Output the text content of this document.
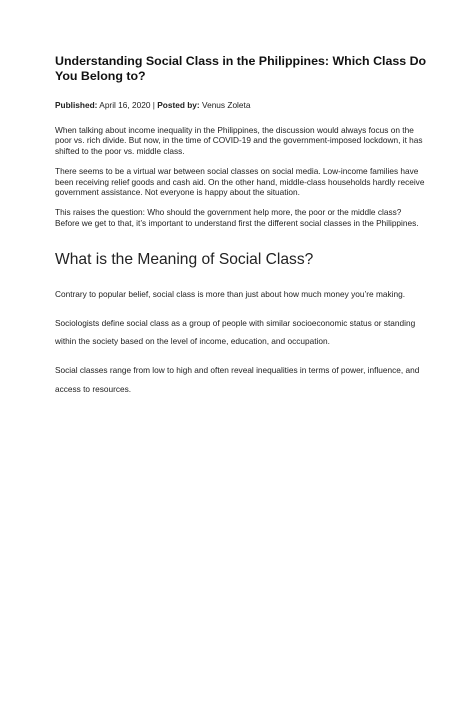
Understanding Social Class in the Philippines: Which Class Do You Belong to?
Published: April 16, 2020 | Posted by: Venus Zoleta

When talking about income inequality in the Philippines, the discussion would always focus on the poor vs. rich divide. But now, in the time of COVID-19 and the government-imposed lockdown, it has shifted to the poor vs. middle class.

There seems to be a virtual war between social classes on social media. Low-income families have been receiving relief goods and cash aid. On the other hand, middle-class households hardly receive government assistance. Not everyone is happy about the situation.

This raises the question: Who should the government help more, the poor or the middle class? Before we get to that, it’s important to understand first the different social classes in the Philippines.

What is the Meaning of Social Class?

Contrary to popular belief, social class is more than just about how much money you’re making.

Sociologists define social class as a group of people with similar socioeconomic status or standing within the society based on the level of income, education, and occupation.

Social classes range from low to high and often reveal inequalities in terms of power, influence, and access to resources.
